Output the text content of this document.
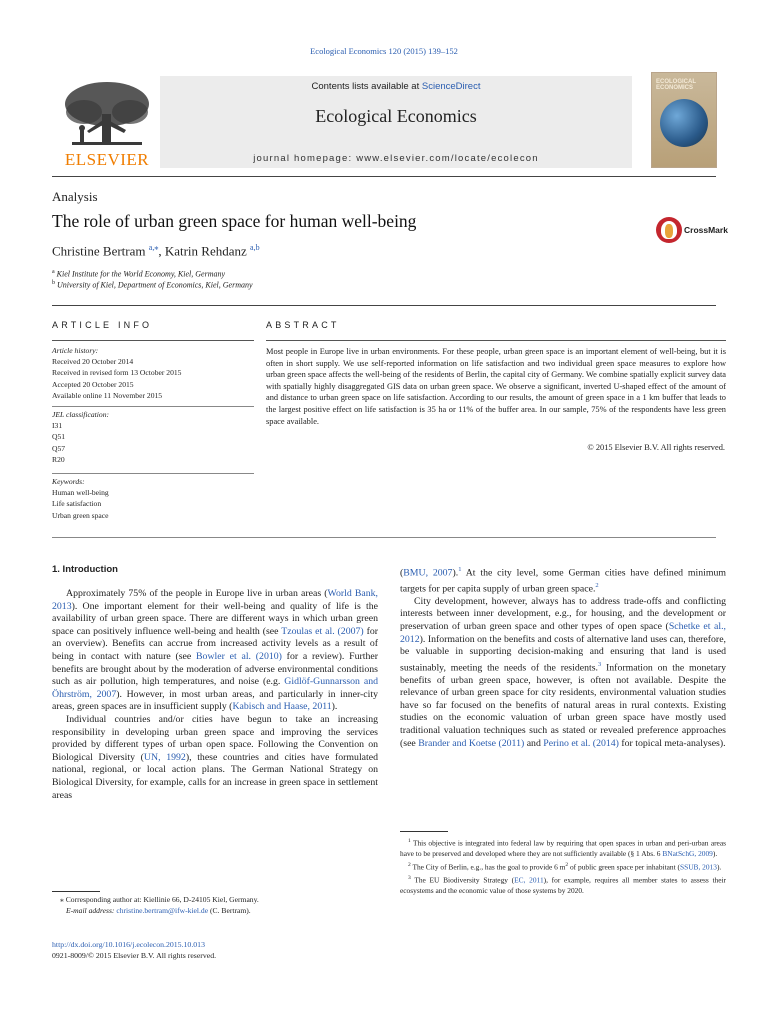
Ecological Economics 120 (2015) 139–152
ELSEVIER
Contents lists available at ScienceDirect
Ecological Economics
journal homepage: www.elsevier.com/locate/ecolecon
ECOLOGICAL ECONOMICS
Analysis
The role of urban green space for human well-being
Christine Bertram $^{a,⁎}$, Katrin Rehdanz $^{a,b}$
$^a$ Kiel Institute for the World Economy, Kiel, Germany
$^b$ University of Kiel, Department of Economics, Kiel, Germany
CrossMark
ARTICLE INFO	ABSTRACT
Article history:
Received 20 October 2014
Received in revised form 13 October 2015
Accepted 20 October 2015
Available online 11 November 2015
JEL classification:
I31
Q51
Q57
R20
Keywords:
Human well-being
Life satisfaction
Urban green space
Most people in Europe live in urban environments. For these people, urban green space is an important element of well-being, but it is often in short supply. We use self-reported information on life satisfaction and two individual green space measures to explore how urban green space affects the well-being of the residents of Berlin, the capital city of Germany. We combine spatially explicit survey data with spatially highly disaggregated GIS data on urban green space. We observe a significant, inverted U-shaped effect of the amount of and distance to urban green space on life satisfaction. According to our results, the amount of green space in a 1 km buffer that leads to the largest positive effect on life satisfaction is 35 ha or 11% of the buffer area. In our sample, 75% of the respondents have less green space available.
© 2015 Elsevier B.V. All rights reserved.
1. Introduction

Approximately 75% of the people in Europe live in urban areas (World Bank, 2013). One important element for their well-being and quality of life is the availability of urban green space. There are different ways in which urban green space can positively influence well-being and health (see Tzoulas et al. (2007) for an overview). Benefits can accrue from increased activity levels as a result of being in contact with nature (see Bowler et al. (2010) for a review). Further benefits are brought about by the moderation of adverse environmental conditions such as air pollution, high temperatures, and noise (e.g. Gidlöf-Gunnarsson and Öhrström, 2007). However, in most urban areas, and particularly in inner-city areas, green spaces are in insufficient supply (Kabisch and Haase, 2011).

Individual countries and/or cities have begun to take an increasing responsibility in developing urban green space and improving the services provided by different types of urban open space. Following the Convention on Biological Diversity (UN, 1992), these countries and cities have formulated national, regional, or local action plans. The German National Strategy on Biological Diversity, for example, calls for an increase in green space in settlement areas

(BMU, 2007).$^1$ At the city level, some German cities have defined minimum targets for per capita supply of urban green space.$^2$

City development, however, always has to address trade-offs and conflicting interests between inner development, e.g., for housing, and the development or preservation of urban green space and other types of open space (Schetke et al., 2012). Information on the benefits and costs of alternative land uses can, therefore, be valuable in supporting decision-making and ensuring that land is used sustainably, meeting the needs of the residents.$^3$ Information on the monetary benefits of urban green space, however, is often not available. Despite the relevance of urban green space for city residents, environmental valuation studies have so far focused on the benefits of natural areas in rural contexts. Existing studies on the economic valuation of urban green space have mostly used traditional valuation techniques such as stated or revealed preference approaches (see Brander and Koetse (2011) and Perino et al. (2014) for topical meta-analyses).

⁎ Corresponding author at: Kiellinie 66, D-24105 Kiel, Germany.
E-mail address: christine.bertram@ifw-kiel.de (C. Bertram).

$^1$ This objective is integrated into federal law by requiring that open spaces in urban and peri-urban areas have to be preserved and developed where they are not sufficiently available (§ 1 Abs. 6 BNatSchG, 2009).

$^2$ The City of Berlin, e.g., has the goal to provide 6 $m^2$ of public green space per inhabitant (SSUB, 2013).

$^3$ The EU Biodiversity Strategy (EC, 2011), for example, requires all member states to assess their ecosystems and the economic value of those systems by 2020.

http://dx.doi.org/10.1016/j.ecolecon.2015.10.013
0921-8009/© 2015 Elsevier B.V. All rights reserved.
